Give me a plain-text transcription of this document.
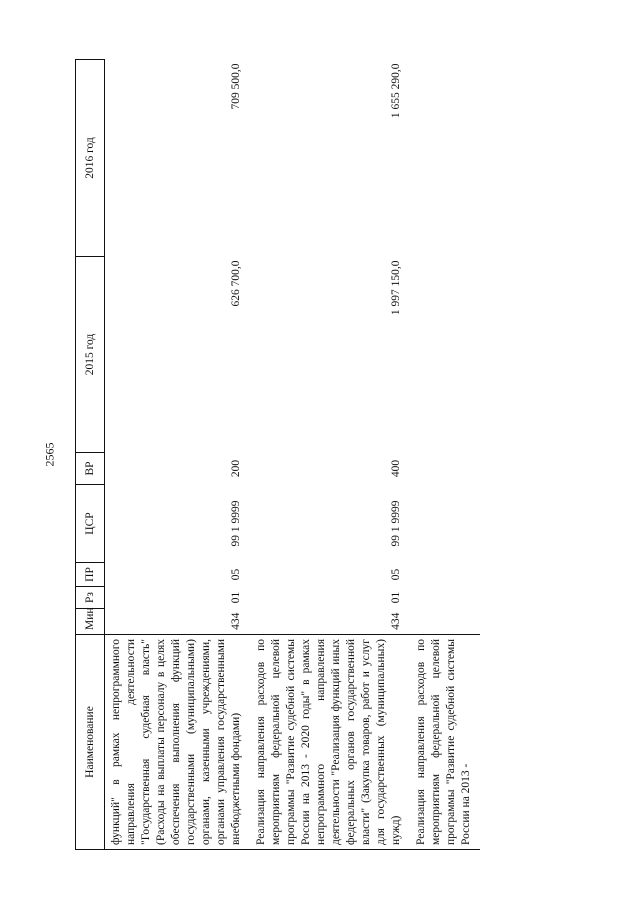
2565
Наименование	Мин	Рз	ПР	ЦСР	ВР	2015 год	2016 год
функций" в рамках непрограммного направления деятельности "Государственная судебная власть" (Расходы на выплаты персоналу в целях обеспечения выполнения функций государственными (муниципальными) органами, казенными учреждениями, органами управления государственными внебюджетными фондами)	434	01	05	99 1 9999	200	626 700,0	709 500,0
Реализация направления расходов по мероприятиям федеральной целевой программы "Развитие судебной системы России на 2013 - 2020 годы" в рамках непрограммного направления деятельности "Реализация функций иных федеральных органов государственной власти" (Закупка товаров, работ и услуг для государственных (муниципальных) нужд)	434	01	05	99 1 9999	400	1 997 150,0	1 655 290,0
Реализация направления расходов по мероприятиям федеральной целевой программы "Развитие судебной системы России на 2013 -							
